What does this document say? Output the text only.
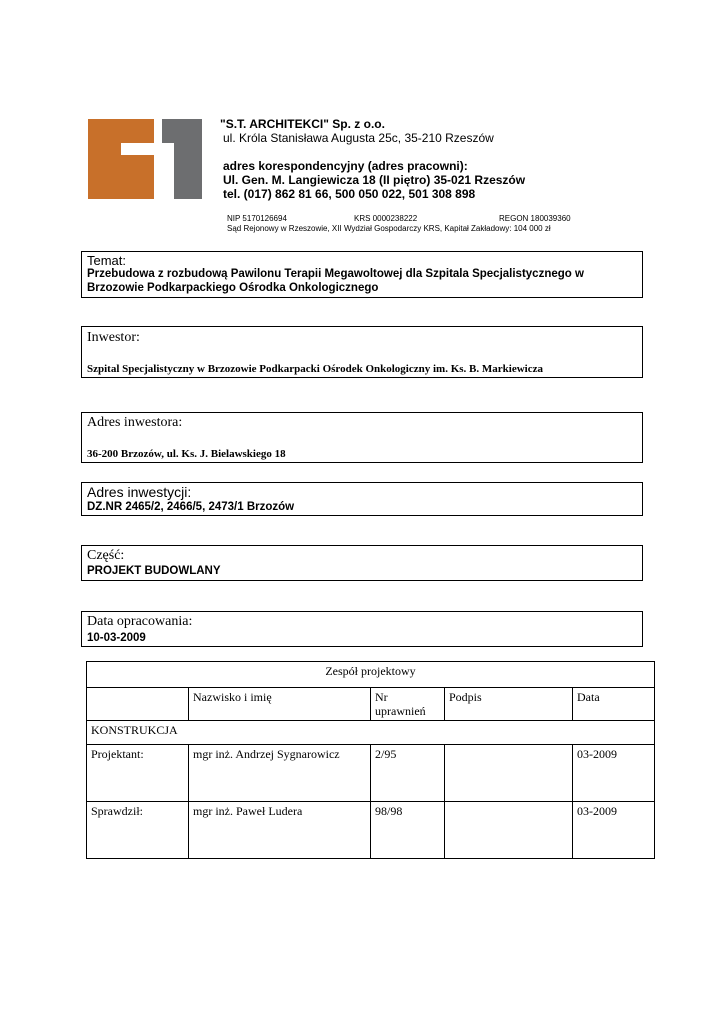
"S.T. ARCHITEKCI" Sp. z o.o.
ul. Króla Stanisława Augusta 25c, 35-210 Rzeszów
adres korespondencyjny (adres pracowni):
Ul. Gen. M. Langiewicza 18 (II piętro) 35-021 Rzeszów
tel. (017) 862 81 66, 500 050 022, 501 308 898
NIP 5170126694	KRS 0000238222	REGON 180039360
Sąd Rejonowy w Rzeszowie, XII Wydział Gospodarczy KRS, Kapitał Zakładowy: 104 000 zł
Temat:
Przebudowa z rozbudową Pawilonu Terapii Megawoltowej dla Szpitala Specjalistycznego w
Brzozowie Podkarpackiego Ośrodka Onkologicznego
Inwestor:
Szpital Specjalistyczny w Brzozowie Podkarpacki Ośrodek Onkologiczny im. Ks. B. Markiewicza
Adres inwestora:
36-200 Brzozów, ul. Ks. J. Bielawskiego 18
Adres inwestycji:
DZ.NR 2465/2, 2466/5, 2473/1 Brzozów
Część:
PROJEKT BUDOWLANY
Data opracowania:
10-03-2009
Zespół projektowy				
	Nazwisko i imię	Nr uprawnień	Podpis	Data
KONSTRUKCJA				
Projektant:	mgr inż. Andrzej Sygnarowicz	2/95		03-2009
Sprawdził:	mgr inż. Paweł Ludera	98/98		03-2009
